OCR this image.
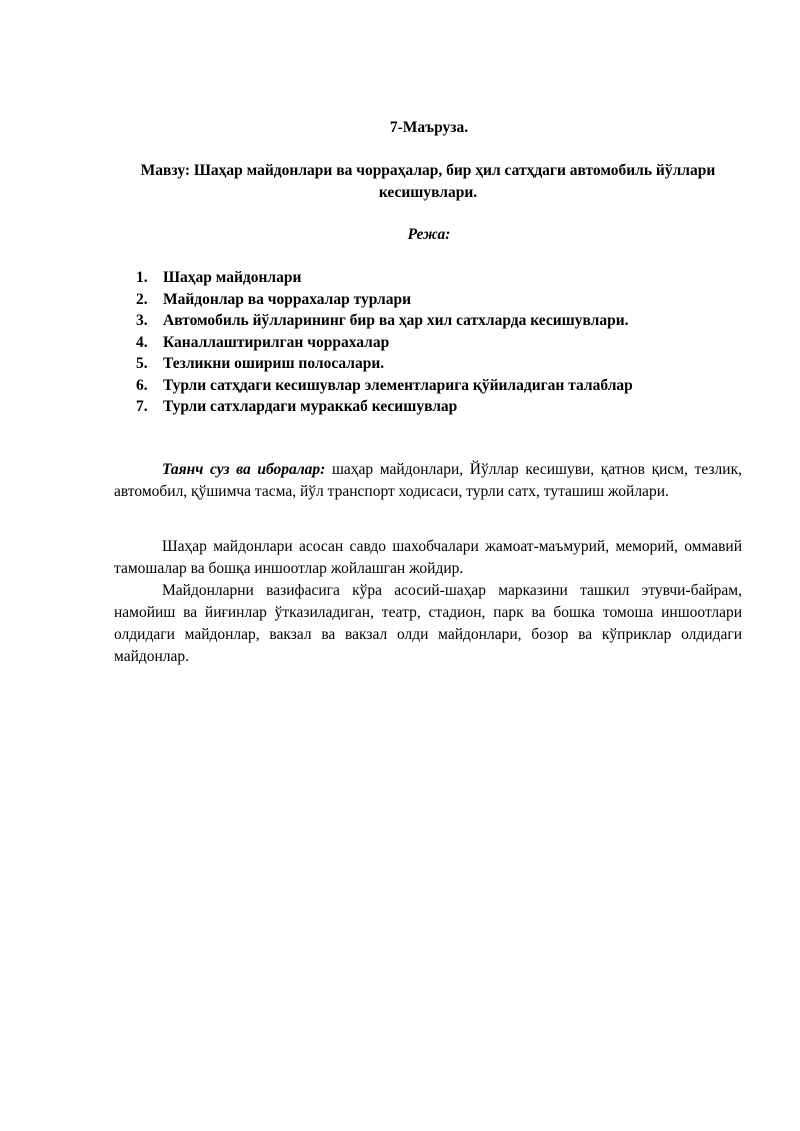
7-Маъруза.
Мавзу: Шаҳар майдонлари ва чорраҳалар, бир ҳил сатҳдаги автомобиль йўллари кесишувлари.
Режа:
1. Шаҳар майдонлари
2. Майдонлар ва чоррахалар турлари
3. Автомобиль йўлларининг бир ва ҳар хил сатхларда кесишувлари.
4. Каналлаштирилган чоррахалар
5. Тезликни ошириш полосалари.
6. Турли сатҳдаги кесишувлар элементларига қўйиладиган талаблар
7. Турли сатхлардаги мураккаб кесишувлар

Таянч суз ва иборалар: шаҳар майдонлари, Йўллар кесишуви, қатнов қисм, тезлик, автомобил, қўшимча тасма, йўл транспорт ходисаси, турли сатх, туташиш жойлари.

Шаҳар майдонлари асосан савдо шахобчалари жамоат-маъмурий, меморий, оммавий тамошалар ва бошқа иншоотлар жойлашган жойдир.

Майдонларни вазифасига кўра асосий-шаҳар марказини ташкил этувчи-байрам, намойиш ва йиғинлар ўтказиладиган, театр, стадион, парк ва бошка томоша иншоотлари олдидаги майдонлар, вакзал ва вакзал олди майдонлари, бозор ва кўприклар олдидаги майдонлар.
